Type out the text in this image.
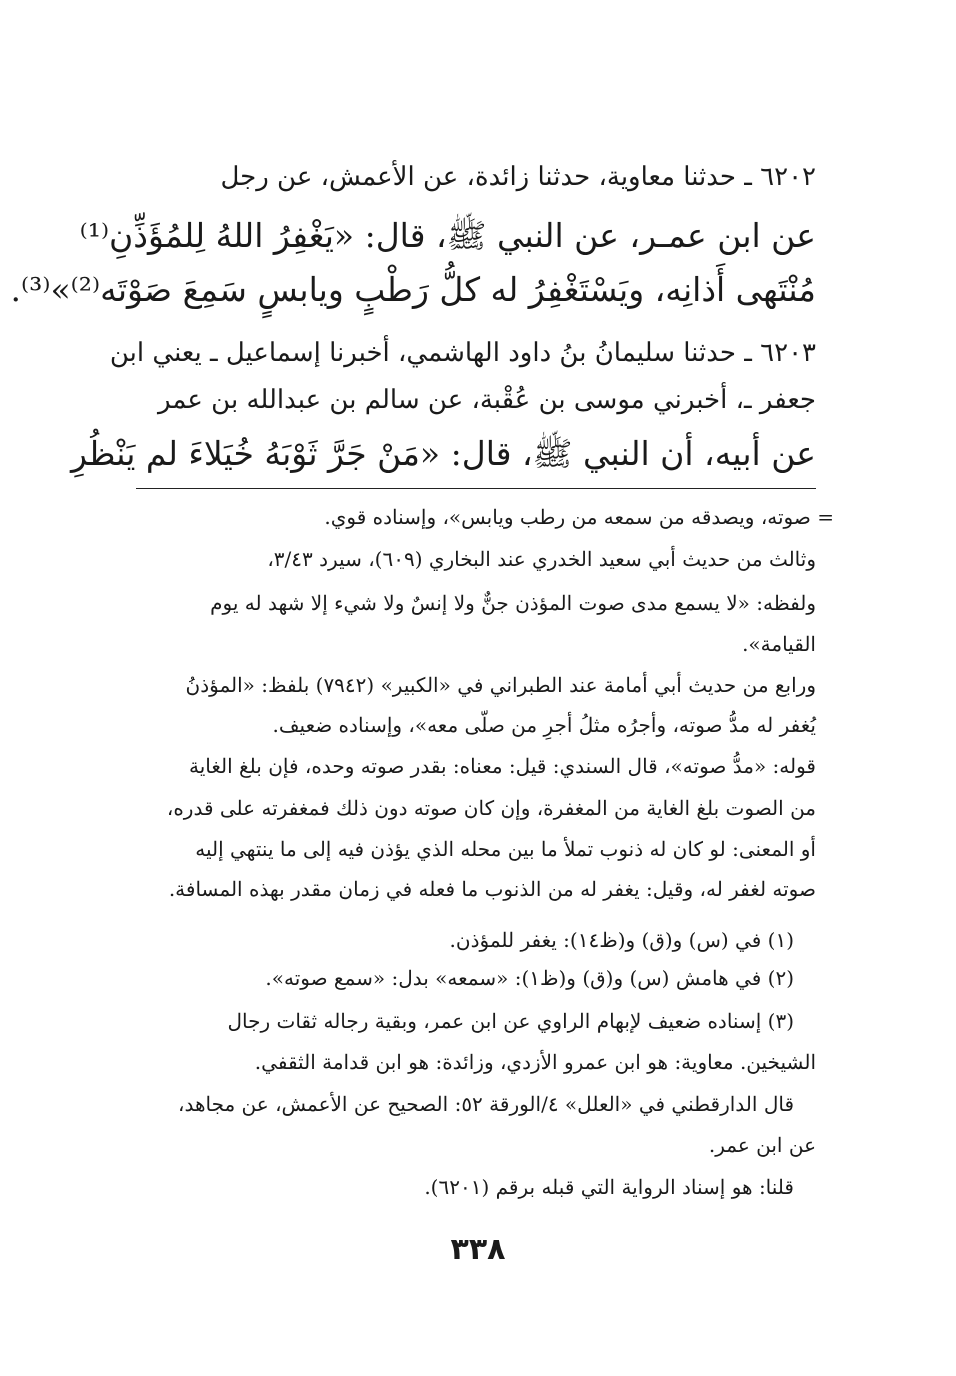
٦٢٠٢ ـ حدثنا معاوية، حدثنا زائدة، عن الأعمش، عن رجل
عن ابن عمـر، عن النبي ﷺ، قال: «يَغْفِرُ اللهُ لِلمُؤَذِّنِ⁽¹⁾
مُنْتَهى أَذانِه، ويَسْتَغْفِرُ له كلُّ رَطْبٍ ويابسٍ سَمِعَ صَوْتَه⁽²⁾»⁽³⁾.
٦٢٠٣ ـ حدثنا سليمانُ بنُ داود الهاشمي، أخبرنا إسماعيل ـ يعني ابن
جعفر ـ، أخبرني موسى بن عُقْبة، عن سالم بن عبدالله بن عمر
عن أبيه، أن النبي ﷺ، قال: «مَنْ جَرَّ ثَوْبَهُ خُيَلاءَ لم يَنْظُرِ
= صوته، ويصدقه من سمعه من رطب ويابس»، وإسناده قوي.
وثالث من حديث أبي سعيد الخدري عند البخاري (٦٠٩)، سيرد ٣/٤٣،
ولفظه: «لا يسمع مدى صوت المؤذن جنٌّ ولا إنسٌ ولا شيء إلا شهد له يوم
القيامة».
ورابع من حديث أبي أمامة عند الطبراني في «الكبير» (٧٩٤٢) بلفظ: «المؤذنُ
يُغفر له مدُّ صوته، وأجرُه مثلُ أجرِ من صلّى معه»، وإسناده ضعيف.
قوله: «مدُّ صوته»، قال السندي: قيل: معناه: بقدر صوته وحده، فإن بلغ الغاية
من الصوت بلغ الغاية من المغفرة، وإن كان صوته دون ذلك فمغفرته على قدره،
أو المعنى: لو كان له ذنوب تملأ ما بين محله الذي يؤذن فيه إلى ما ينتهي إليه
صوته لغفر له، وقيل: يغفر له من الذنوب ما فعله في زمان مقدر بهذه المسافة.
(١) في (س) و(ق) و(ظ١٤): يغفر للمؤذن.
(٢) في هامش (س) و(ق) و(ظ١): «سمعه» بدل: «سمع صوته».
(٣) إسناده ضعيف لإبهام الراوي عن ابن عمر، وبقية رجاله ثقات رجال
الشيخين. معاوية: هو ابن عمرو الأزدي، وزائدة: هو ابن قدامة الثقفي.
قال الدارقطني في «العلل» ٤/الورقة ٥٢: الصحيح عن الأعمش، عن مجاهد،
عن ابن عمر.
قلنا: هو إسناد الرواية التي قبله برقم (٦٢٠١).
٣٣٨
